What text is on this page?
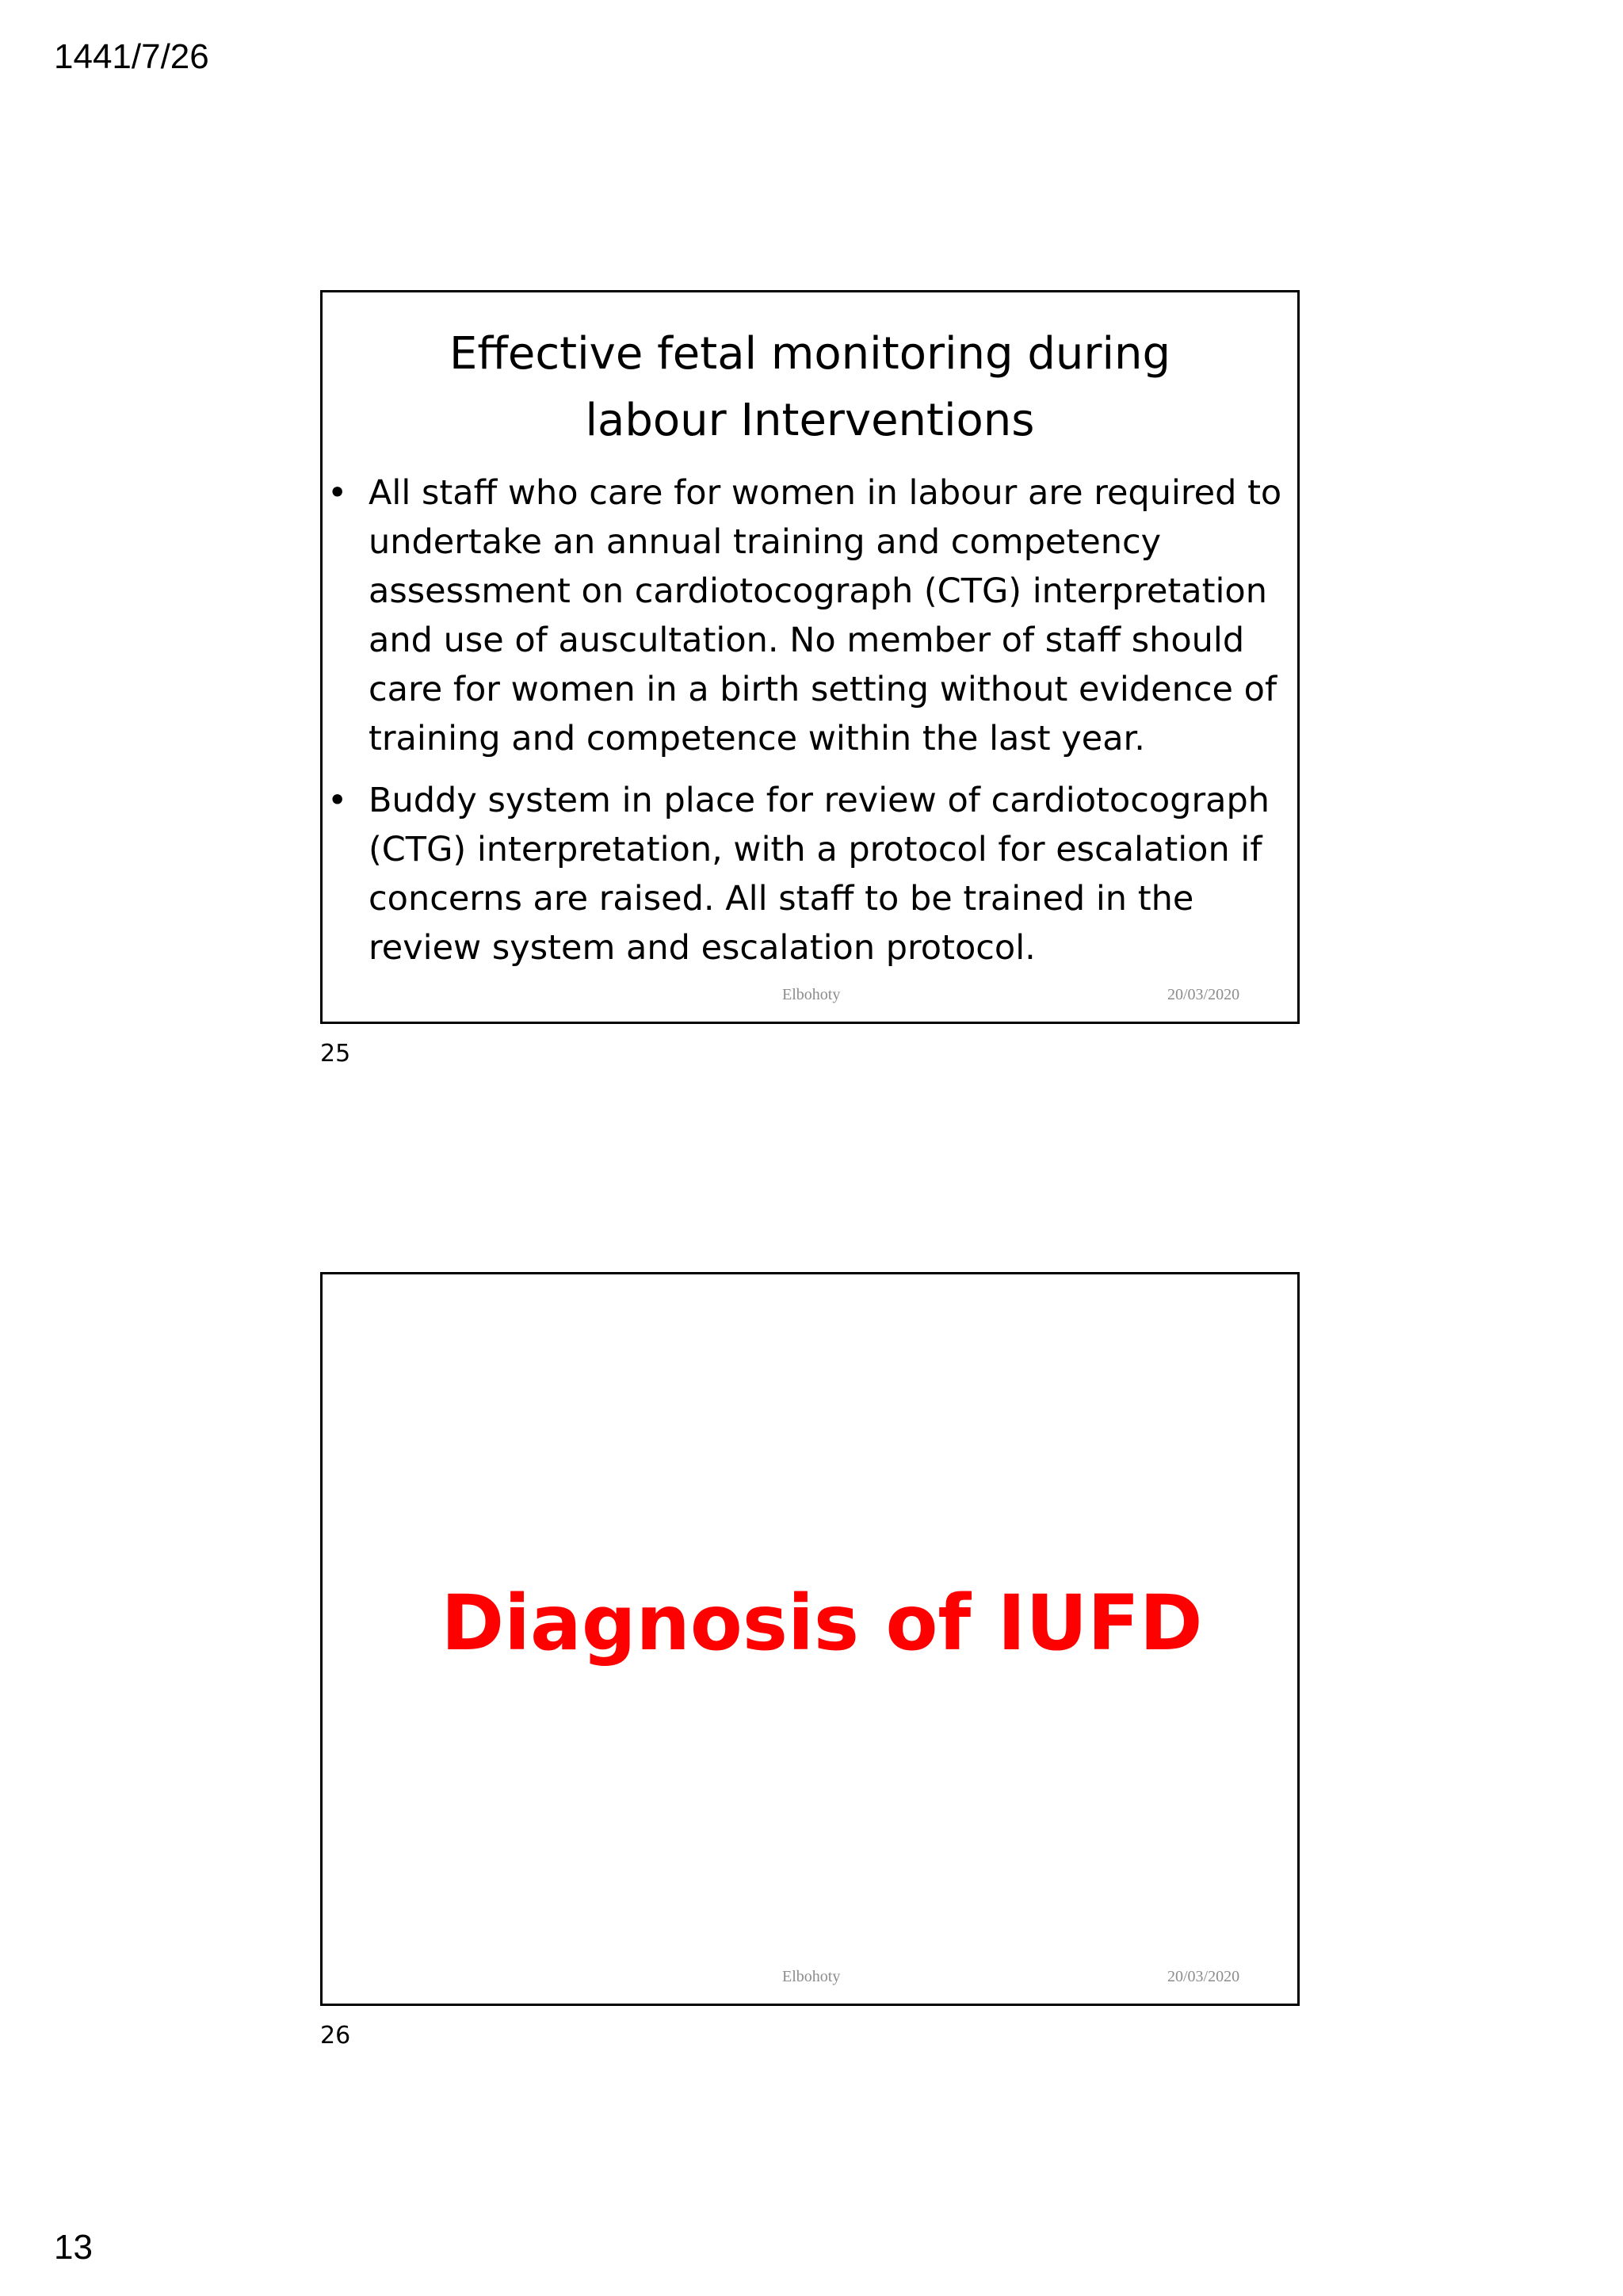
1441/7/26
Effective fetal monitoring during
labour Interventions
• All staff who care for women in labour are required to undertake an annual training and competency assessment on cardiotocograph (CTG) interpretation and use of auscultation. No member of staff should care for women in a birth setting without evidence of training and competence within the last year.
• Buddy system in place for review of cardiotocograph (CTG) interpretation, with a protocol for escalation if concerns are raised. All staff to be trained in the review system and escalation protocol.
Elbohoty	20/03/2020
25
Diagnosis of IUFD
Elbohoty	20/03/2020
26
13
